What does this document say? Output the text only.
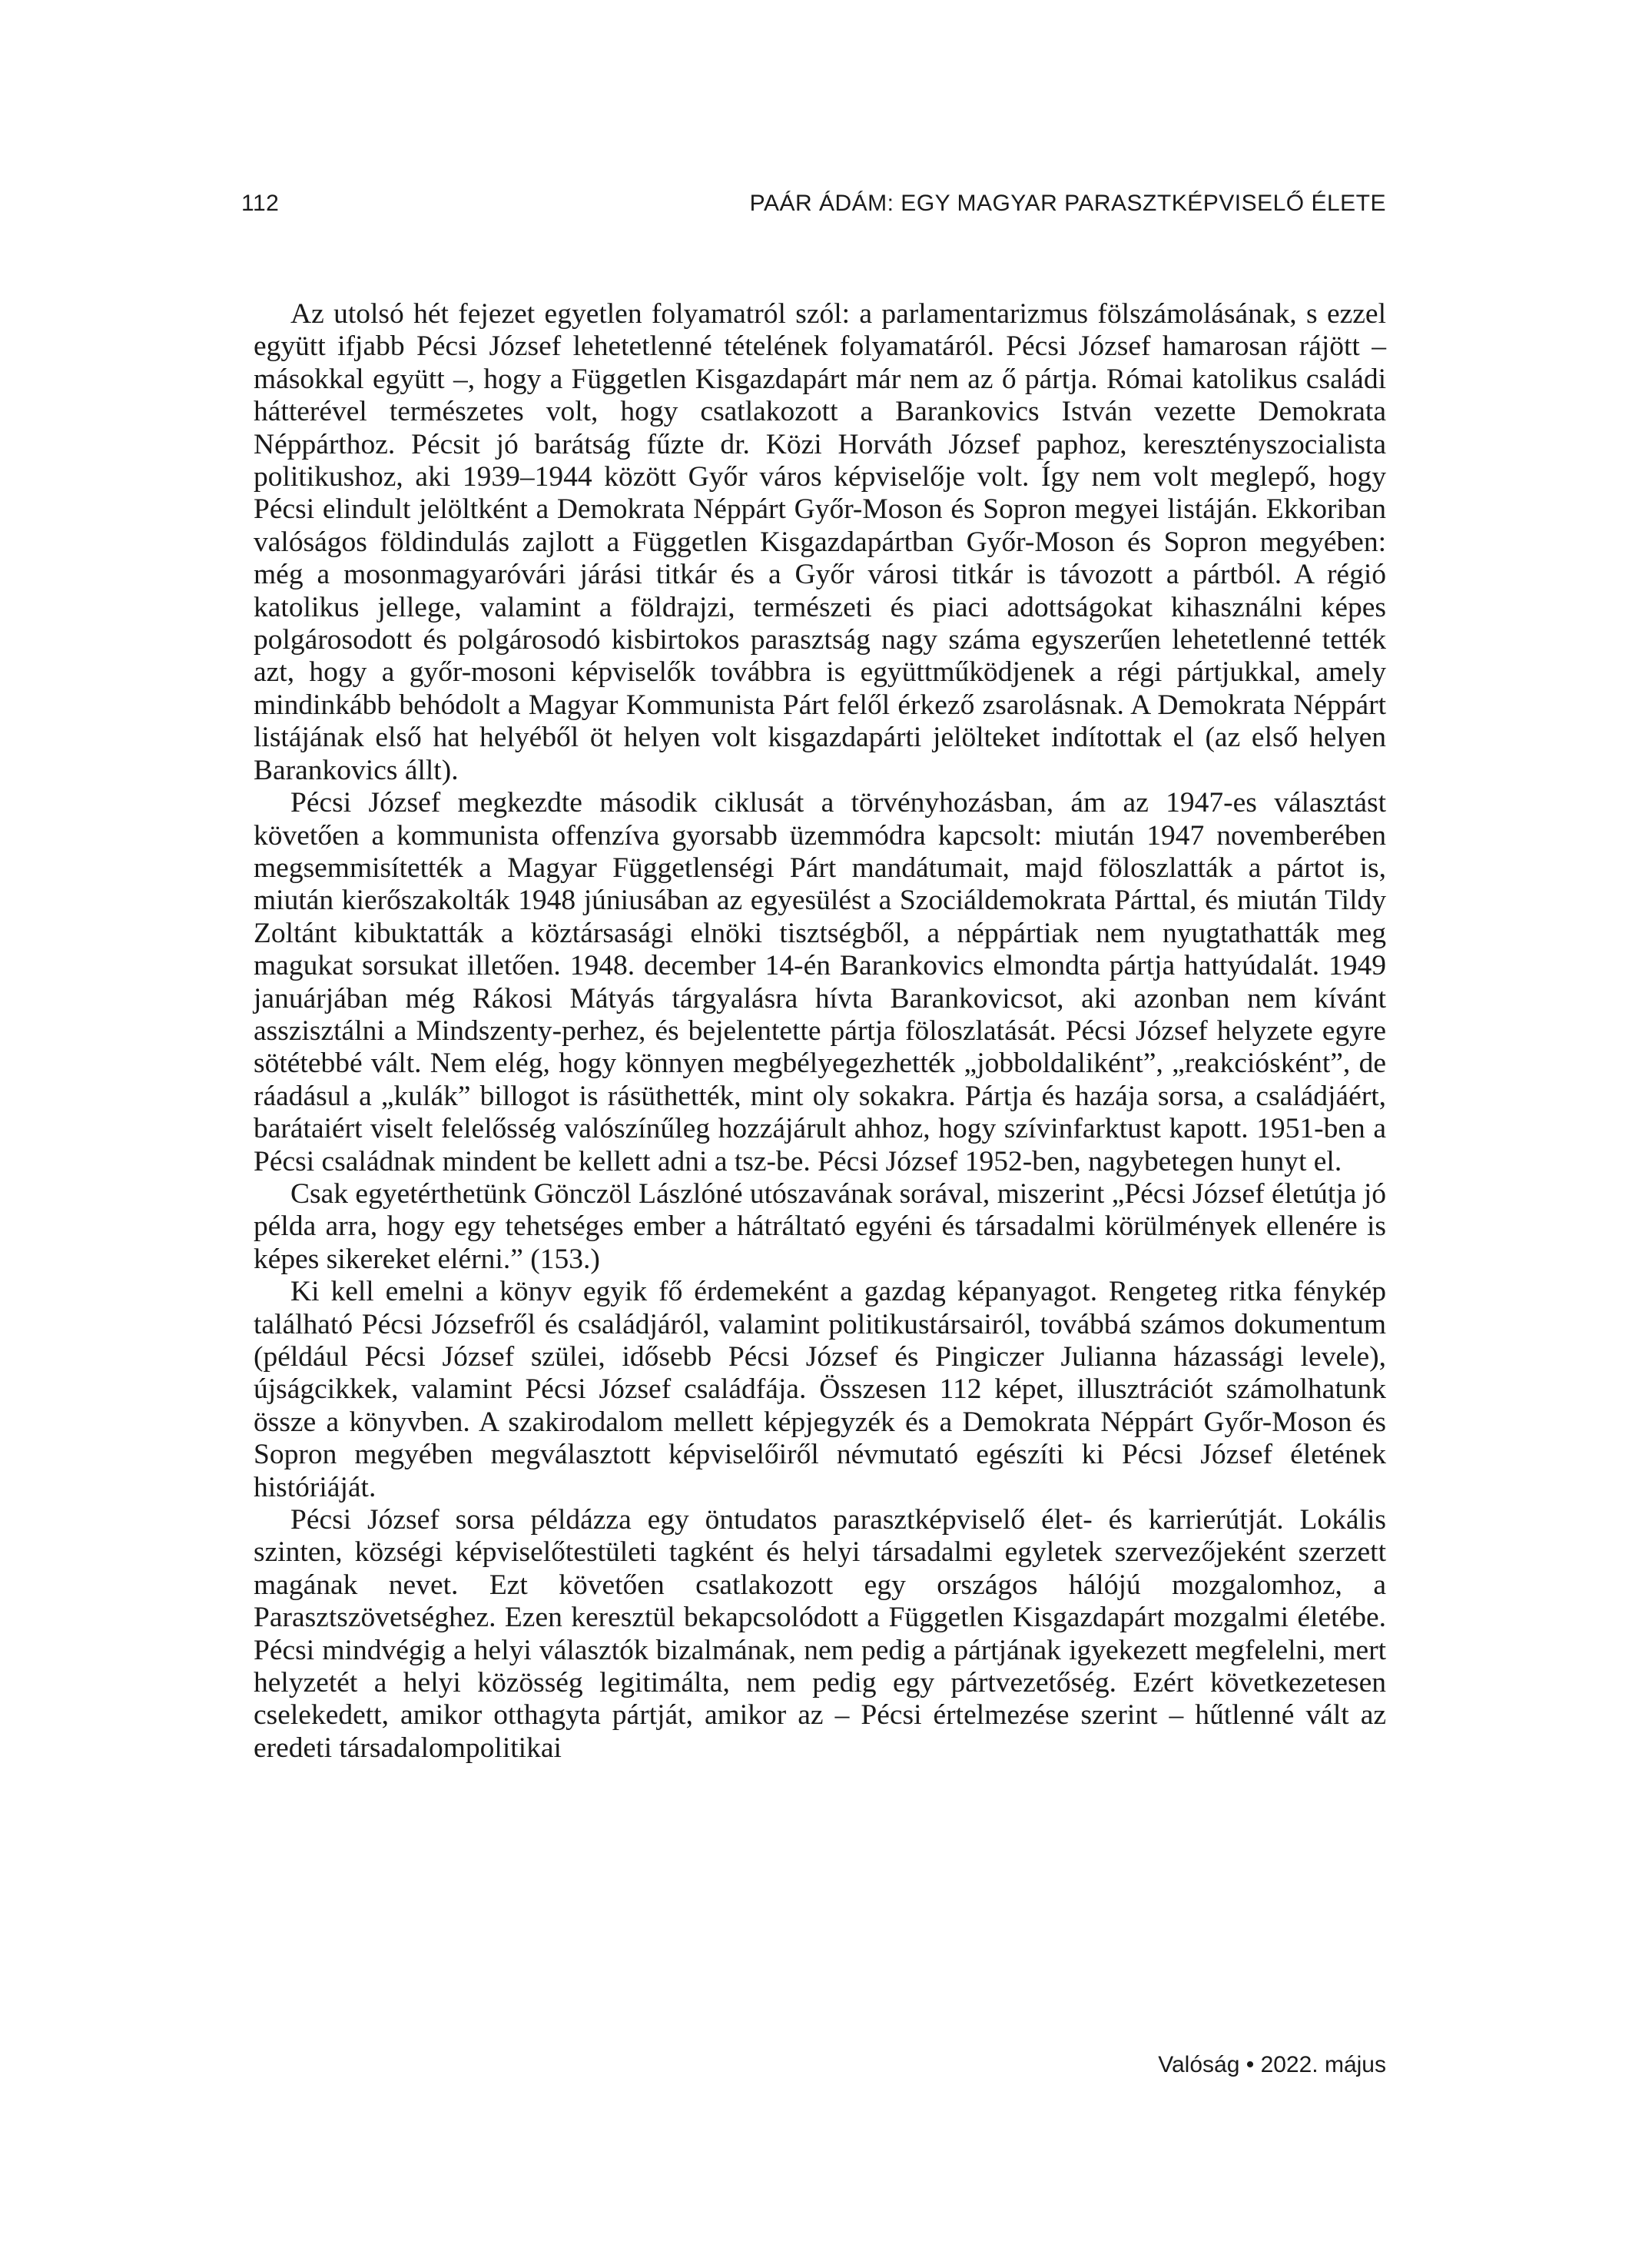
112	PAÁR ÁDÁM: EGY MAGYAR PARASZTKÉPVISELŐ ÉLETE

Az utolsó hét fejezet egyetlen folyamatról szól: a parlamentarizmus fölszámolásának, s ezzel együtt ifjabb Pécsi József lehetetlenné tételének folyamatáról. Pécsi József hamarosan rájött – másokkal együtt –, hogy a Független Kisgazdapárt már nem az ő pártja. Római katolikus családi hátterével természetes volt, hogy csatlakozott a Barankovics István vezette Demokrata Néppárthoz. Pécsit jó barátság fűzte dr. Közi Horváth József paphoz, keresztényszocialista politikushoz, aki 1939–1944 között Győr város képviselője volt. Így nem volt meglepő, hogy Pécsi elindult jelöltként a Demokrata Néppárt Győr-Moson és Sopron megyei listáján. Ekkoriban valóságos földindulás zajlott a Független Kisgazdapártban Győr-Moson és Sopron megyében: még a mosonmagyaróvári járási titkár és a Győr városi titkár is távozott a pártból. A régió katolikus jellege, valamint a földrajzi, természeti és piaci adottságokat kihasználni képes polgárosodott és polgárosodó kisbirtokos parasztság nagy száma egyszerűen lehetetlenné tették azt, hogy a győr-mosoni képviselők továbbra is együttműködjenek a régi pártjukkal, amely mindinkább behódolt a Magyar Kommunista Párt felől érkező zsarolásnak. A Demokrata Néppárt listájának első hat helyéből öt helyen volt kisgazdapárti jelölteket indítottak el (az első helyen Barankovics állt).

Pécsi József megkezdte második ciklusát a törvényhozásban, ám az 1947-es választást követően a kommunista offenzíva gyorsabb üzemmódra kapcsolt: miután 1947 novemberében megsemmisítették a Magyar Függetlenségi Párt mandátumait, majd föloszlatták a pártot is, miután kierőszakolták 1948 júniusában az egyesülést a Szociáldemokrata Párttal, és miután Tildy Zoltánt kibuktatták a köztársasági elnöki tisztségből, a néppártiak nem nyugtathatták meg magukat sorsukat illetően. 1948. december 14-én Barankovics elmondta pártja hattyúdalát. 1949 januárjában még Rákosi Mátyás tárgyalásra hívta Barankovicsot, aki azonban nem kívánt asszisztálni a Mindszenty-perhez, és bejelentette pártja föloszlatását. Pécsi József helyzete egyre sötétebbé vált. Nem elég, hogy könnyen megbélyegezhették „jobboldaliként”, „reakciósként”, de ráadásul a „kulák” billogot is rásüthették, mint oly sokakra. Pártja és hazája sorsa, a családjáért, barátaiért viselt felelősség valószínűleg hozzájárult ahhoz, hogy szívinfarktust kapott. 1951-ben a Pécsi családnak mindent be kellett adni a tsz-be. Pécsi József 1952-ben, nagybetegen hunyt el.

Csak egyetérthetünk Gönczöl Lászlóné utószavának sorával, miszerint „Pécsi József életútja jó példa arra, hogy egy tehetséges ember a hátráltató egyéni és társadalmi körülmények ellenére is képes sikereket elérni.” (153.)

Ki kell emelni a könyv egyik fő érdemeként a gazdag képanyagot. Rengeteg ritka fénykép található Pécsi Józsefről és családjáról, valamint politikustársairól, továbbá számos dokumentum (például Pécsi József szülei, idősebb Pécsi József és Pingiczer Julianna házassági levele), újságcikkek, valamint Pécsi József családfája. Összesen 112 képet, illusztrációt számolhatunk össze a könyvben. A szakirodalom mellett képjegyzék és a Demokrata Néppárt Győr-Moson és Sopron megyében megválasztott képviselőiről névmutató egészíti ki Pécsi József életének históriáját.

Pécsi József sorsa példázza egy öntudatos parasztképviselő élet- és karrierútját. Lokális szinten, községi képviselőtestületi tagként és helyi társadalmi egyletek szervezőjeként szerzett magának nevet. Ezt követően csatlakozott egy országos hálójú mozgalomhoz, a Parasztszövetséghez. Ezen keresztül bekapcsolódott a Független Kisgazdapárt mozgalmi életébe. Pécsi mindvégig a helyi választók bizalmának, nem pedig a pártjának igyekezett megfelelni, mert helyzetét a helyi közösség legitimálta, nem pedig egy pártvezetőség. Ezért következetesen cselekedett, amikor otthagyta pártját, amikor az – Pécsi értelmezése szerint – hűtlenné vált az eredeti társadalompolitikai

Valóság • 2022. május
